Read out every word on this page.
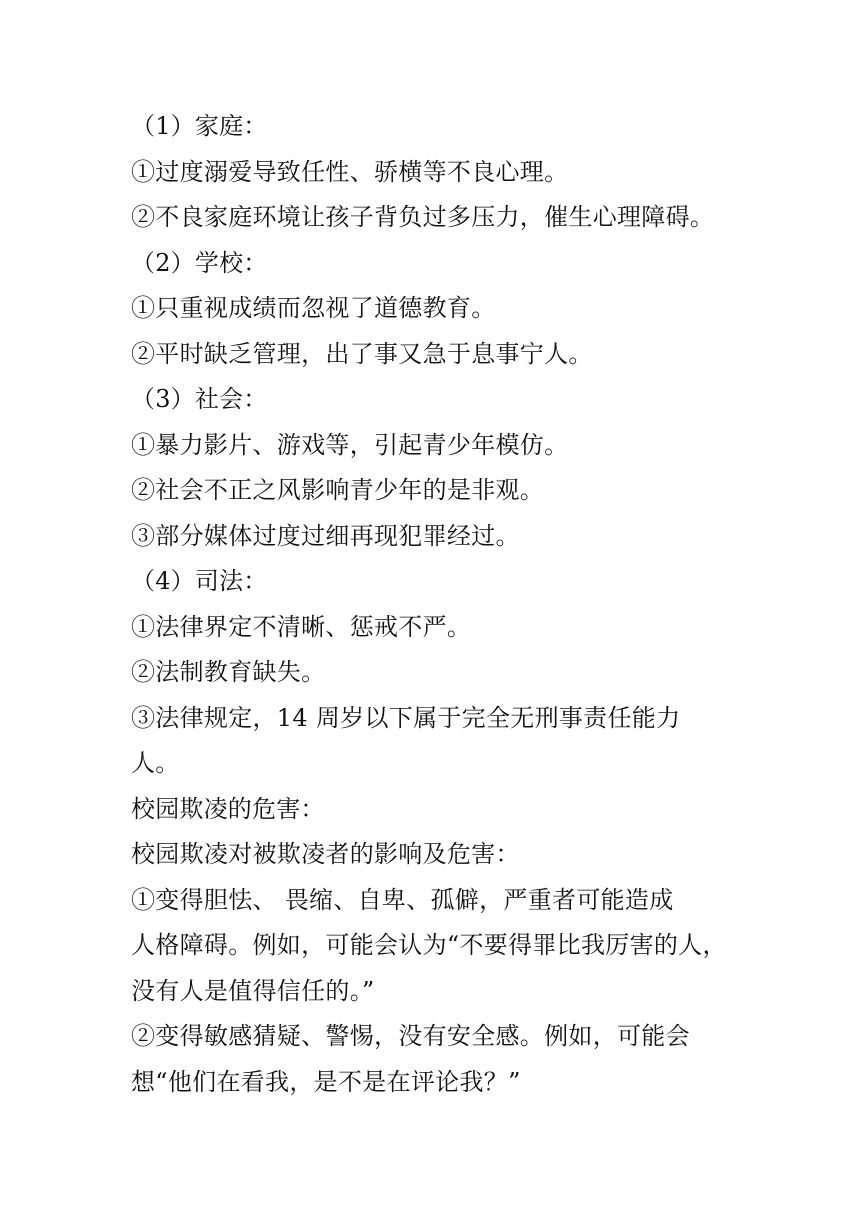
（1）家庭：
①过度溺爱导致任性、骄横等不良心理。
②不良家庭环境让孩子背负过多压力，催生心理障碍。
（2）学校：
①只重视成绩而忽视了道德教育。
②平时缺乏管理，出了事又急于息事宁人。
（3）社会：
①暴力影片、游戏等，引起青少年模仿。
②社会不正之风影响青少年的是非观。
③部分媒体过度过细再现犯罪经过。
（4）司法：
①法律界定不清晰、惩戒不严。
②法制教育缺失。
③法律规定，14 周岁以下属于完全无刑事责任能力
人。
校园欺凌的危害：
校园欺凌对被欺凌者的影响及危害：
①变得胆怯、 畏缩、自卑、孤僻，严重者可能造成
人格障碍。例如，可能会认为“不要得罪比我厉害的人，
没有人是值得信任的。”
②变得敏感猜疑、警惕，没有安全感。例如，可能会
想“他们在看我，是不是在评论我？”
